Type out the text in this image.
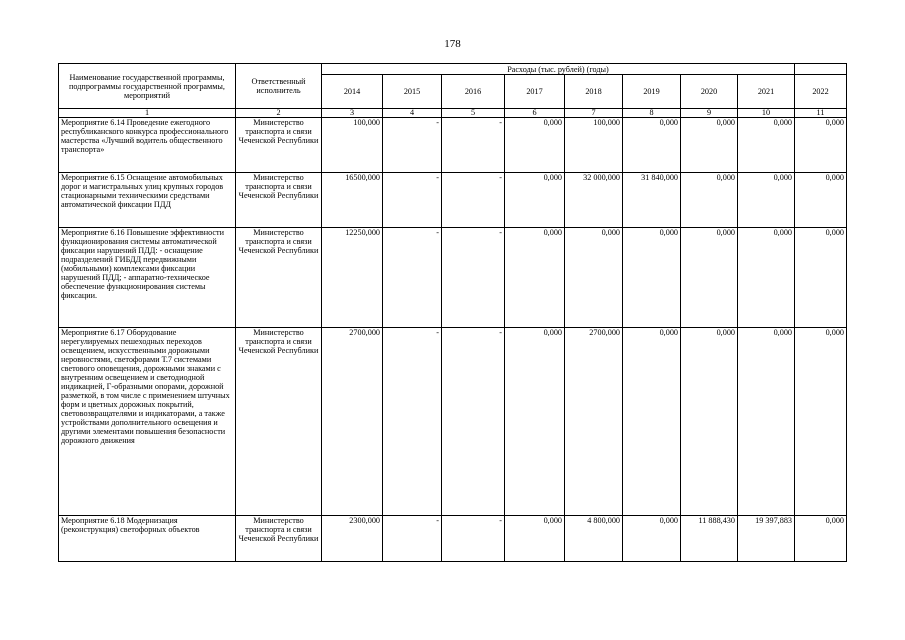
178
Наименование государственной программы, подпрограммы государственной программы, мероприятий	Ответственный исполнитель	Расходы (тыс. рублей) (годы)								
		2014	2015	2016	2017	2018	2019	2020	2021	2022
1	2	3	4	5	6	7	8	9	10	11
Мероприятие 6.14 Проведение ежегодного республиканского конкурса профессионального мастерства «Лучший водитель общественного транспорта»	Министерство транспорта и связи Чеченской Республики	100,000	-	-	0,000	100,000	0,000	0,000	0,000	0,000
Мероприятие 6.15 Оснащение автомобильных дорог и магистральных улиц крупных городов стационарными техническими средствами автоматической фиксации ПДД	Министерство транспорта и связи Чеченской Республики	16500,000	-	-	0,000	32 000,000	31 840,000	0,000	0,000	0,000
Мероприятие 6.16 Повышение эффективности функционирования системы автоматической фиксации нарушений ПДД: - оснащение подразделений ГИБДД передвижными (мобильными) комплексами фиксации нарушений ПДД; - аппаратно-техническое обеспечение функционирования системы фиксации.	Министерство транспорта и связи Чеченской Республики	12250,000	-	-	0,000	0,000	0,000	0,000	0,000	0,000
Мероприятие 6.17 Оборудование нерегулируемых пешеходных переходов освещением, искусственными дорожными неровностями, светофорами Т.7 системами светового оповещения, дорожными знаками с внутренним освещением и светодиодной индикацией, Г-образными опорами, дорожной разметкой, в том числе с применением штучных форм и цветных дорожных покрытий, световозвращателями и индикаторами, а также устройствами дополнительного освещения и другими элементами повышения безопасности дорожного движения	Министерство транспорта и связи Чеченской Республики	2700,000	-	-	0,000	2700,000	0,000	0,000	0,000	0,000
Мероприятие 6.18 Модернизация (реконструкция) светофорных объектов	Министерство транспорта и связи Чеченской Республики	2300,000	-	-	0,000	4 800,000	0,000	11 888,430	19 397,883	0,000
